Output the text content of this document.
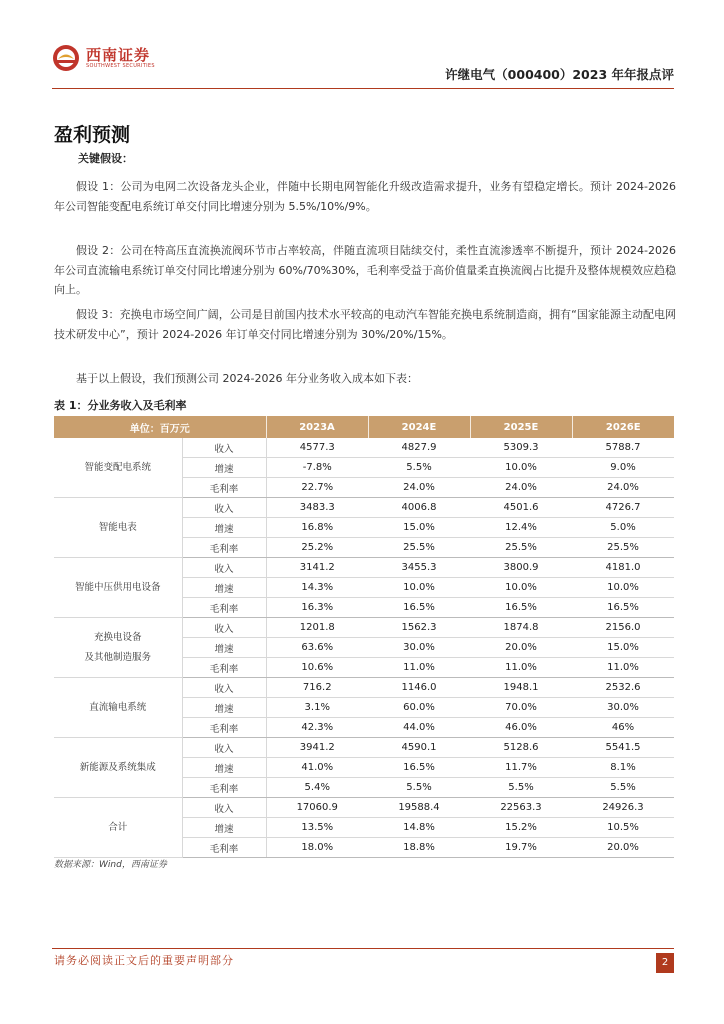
西南证券
SOUTHWEST SECURITIES
许继电气（000400）2023 年年报点评
盈利预测
关键假设：
假设 1：公司为电网二次设备龙头企业，伴随中长期电网智能化升级改造需求提升，业务有望稳定增长。预计 2024-2026 年公司智能变配电系统订单交付同比增速分别为 5.5%/10%/9%。
假设 2：公司在特高压直流换流阀环节市占率较高，伴随直流项目陆续交付，柔性直流渗透率不断提升，预计 2024-2026 年公司直流输电系统订单交付同比增速分别为 60%/70%30%，毛利率受益于高价值量柔直换流阀占比提升及整体规模效应趋稳向上。
假设 3：充换电市场空间广阔，公司是目前国内技术水平较高的电动汽车智能充换电系统制造商，拥有“国家能源主动配电网技术研发中心”，预计 2024-2026 年订单交付同比增速分别为 30%/20%/15%。
基于以上假设，我们预测公司 2024-2026 年分业务收入成本如下表：
表 1：分业务收入及毛利率
单位：百万元		2023A	2024E	2025E	2026E

智能变配电系统	收入	4577.3	4827.9	5309.3	5788.7
	增速	-7.8%	5.5%	10.0%	9.0%
	毛利率	22.7%	24.0%	24.0%	24.0%

智能电表	收入	3483.3	4006.8	4501.6	4726.7
	增速	16.8%	15.0%	12.4%	5.0%
	毛利率	25.2%	25.5%	25.5%	25.5%

智能中压供用电设备	收入	3141.2	3455.3	3800.9	4181.0
	增速	14.3%	10.0%	10.0%	10.0%
	毛利率	16.3%	16.5%	16.5%	16.5%

充换电设备
及其他制造服务	收入	1201.8	1562.3	1874.8	2156.0
	增速	63.6%	30.0%	20.0%	15.0%
	毛利率	10.6%	11.0%	11.0%	11.0%

直流输电系统	收入	716.2	1146.0	1948.1	2532.6
	增速	3.1%	60.0%	70.0%	30.0%
	毛利率	42.3%	44.0%	46.0%	46%

新能源及系统集成	收入	3941.2	4590.1	5128.6	5541.5
	增速	41.0%	16.5%	11.7%	8.1%
	毛利率	5.4%	5.5%	5.5%	5.5%

合计	收入	17060.9	19588.4	22563.3	24926.3
	增速	13.5%	14.8%	15.2%	10.5%
	毛利率	18.0%	18.8%	19.7%	20.0%
数据来源：Wind，西南证券
请务必阅读正文后的重要声明部分	2
